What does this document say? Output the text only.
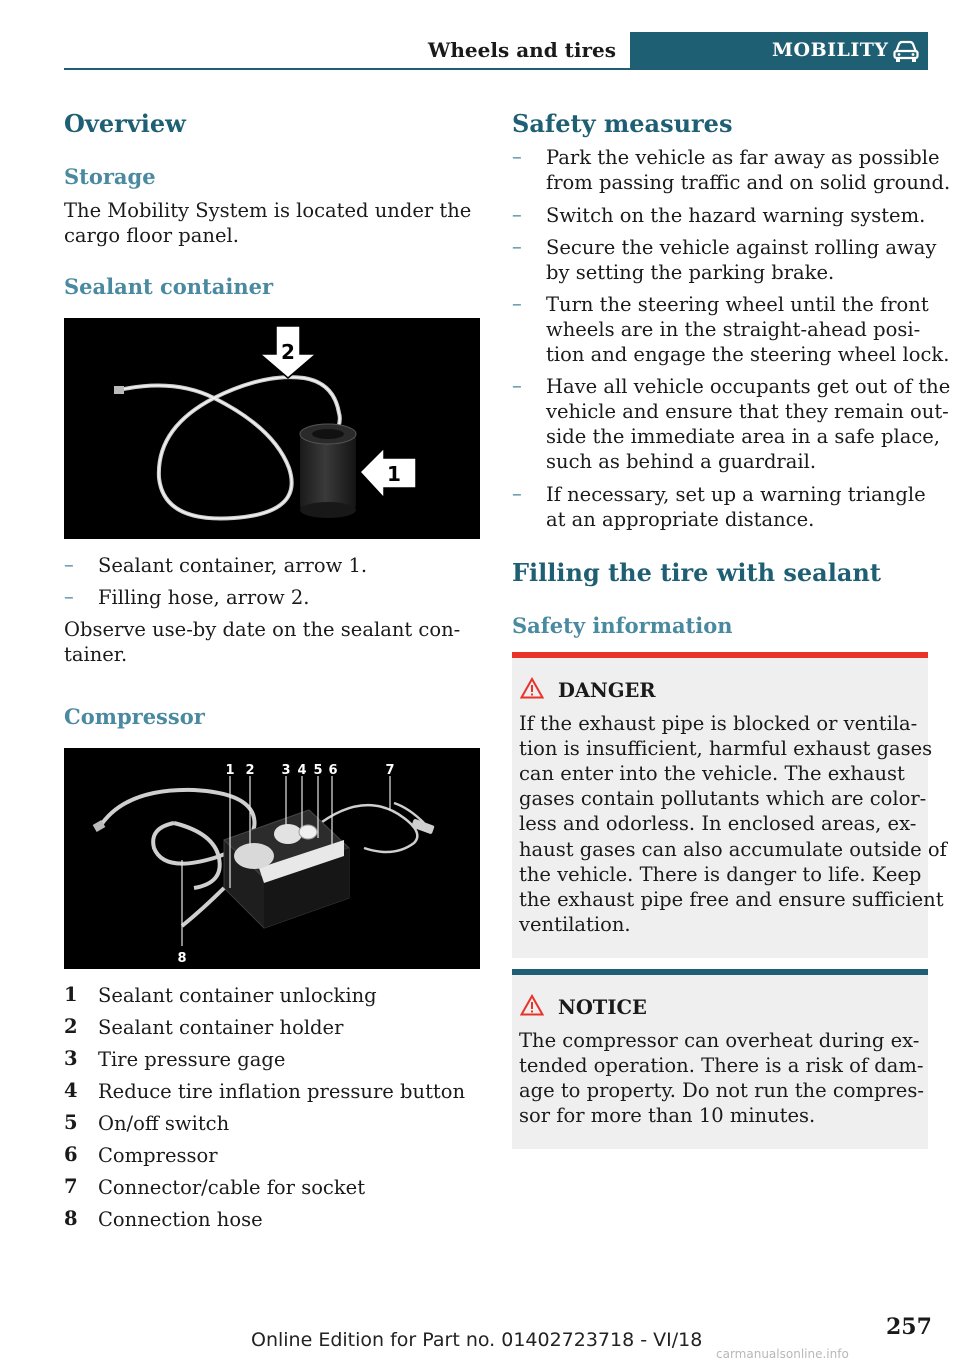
Wheels and tires	MOBILITY
Overview
Storage
The Mobility System is located under the
cargo floor panel.
Sealant container
2
1
– Sealant container, arrow 1.
– Filling hose, arrow 2.
Observe use-by date on the sealant con-
tainer.
Compressor
1 2 3 4 5 6	7
8
1 Sealant container unlocking
2 Sealant container holder
3 Tire pressure gage
4 Reduce tire inflation pressure button
5 On/off switch
6 Compressor
7 Connector/cable for socket
8 Connection hose
Safety measures
– Park the vehicle as far away as possible
from passing traffic and on solid ground.
– Switch on the hazard warning system.
– Secure the vehicle against rolling away
by setting the parking brake.
– Turn the steering wheel until the front
wheels are in the straight-ahead posi-
tion and engage the steering wheel lock.
– Have all vehicle occupants get out of the
vehicle and ensure that they remain out-
side the immediate area in a safe place,
such as behind a guardrail.
– If necessary, set up a warning triangle
at an appropriate distance.
Filling the tire with sealant
Safety information
DANGER
If the exhaust pipe is blocked or ventila-
tion is insufficient, harmful exhaust gases
can enter into the vehicle. The exhaust
gases contain pollutants which are color-
less and odorless. In enclosed areas, ex-
haust gases can also accumulate outside of
the vehicle. There is danger to life. Keep
the exhaust pipe free and ensure sufficient
ventilation.
NOTICE
The compressor can overheat during ex-
tended operation. There is a risk of dam-
age to property. Do not run the compres-
sor for more than 10 minutes.
257
Online Edition for Part no. 01402723718 - VI/18
carmanualsonline.info
